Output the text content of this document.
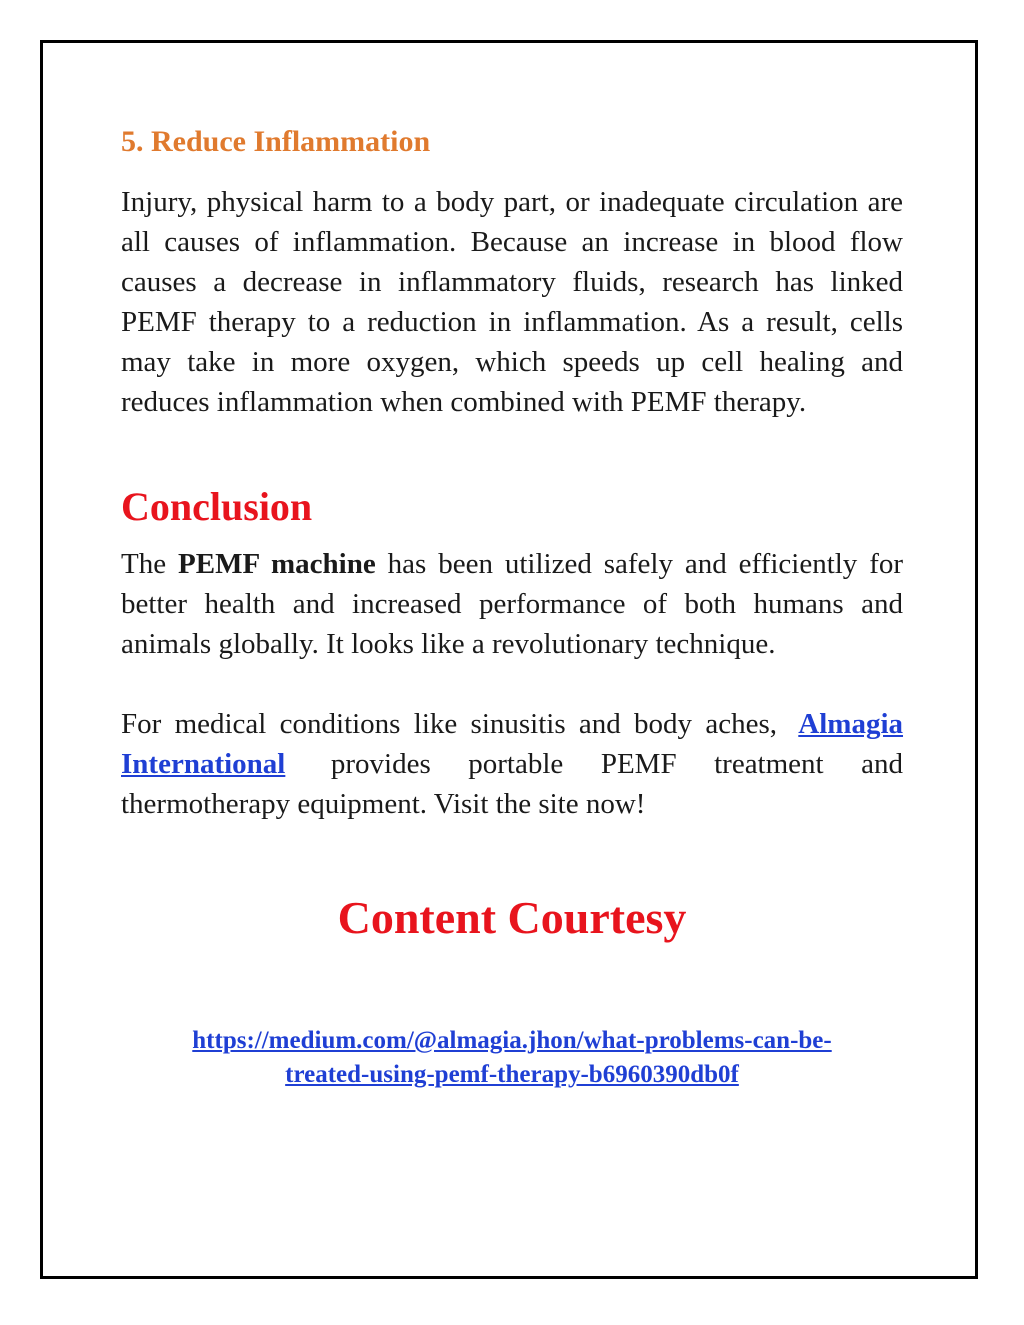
5. Reduce Inflammation

Injury, physical harm to a body part, or inadequate circulation are all causes of inflammation. Because an increase in blood flow causes a decrease in inflammatory fluids, research has linked PEMF therapy to a reduction in inflammation. As a result, cells may take in more oxygen, which speeds up cell healing and reduces inflammation when combined with PEMF therapy.

Conclusion

The PEMF machine has been utilized safely and efficiently for better health and increased performance of both humans and animals globally. It looks like a revolutionary technique.

For medical conditions like sinusitis and body aches, Almagia International provides portable PEMF treatment and thermotherapy equipment. Visit the site now!

Content Courtesy

https://medium.com/@almagia.jhon/what-problems-can-be-
treated-using-pemf-therapy-b6960390db0f
